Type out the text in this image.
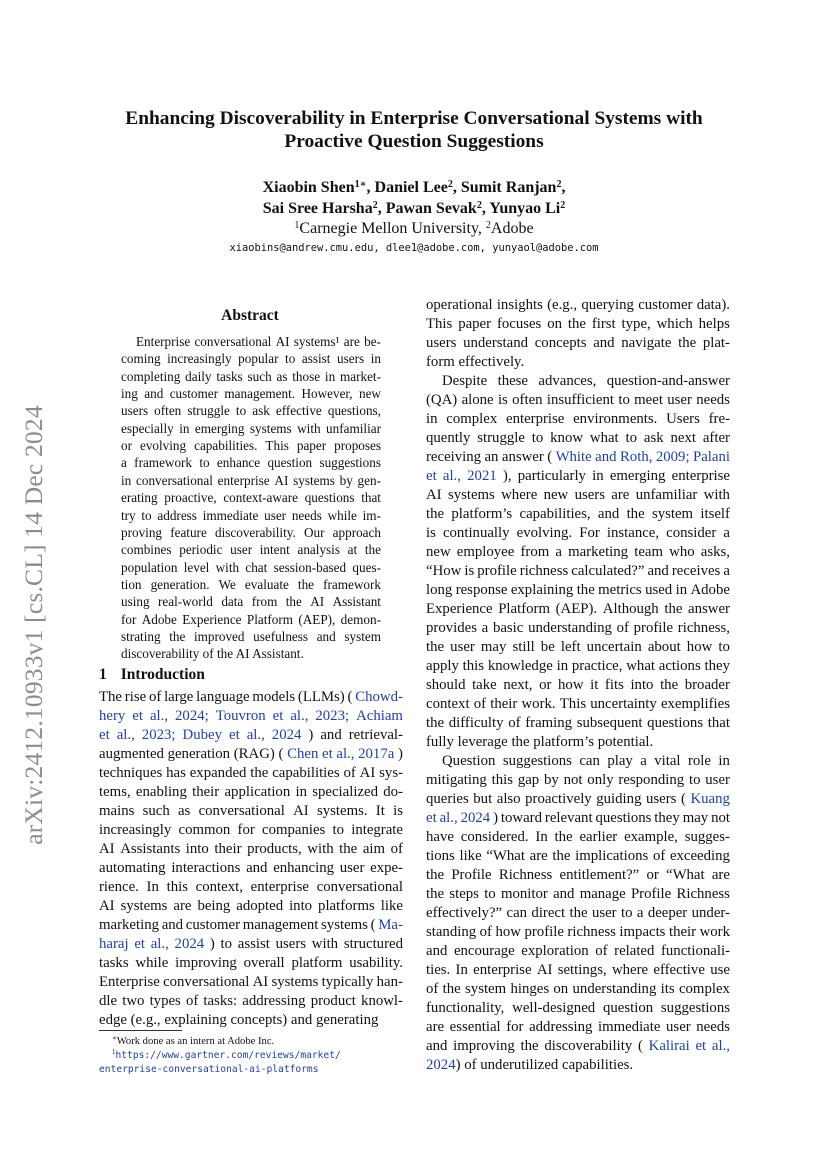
arXiv:2412.10933v1 [cs.CL] 14 Dec 2024
Enhancing Discoverability in Enterprise Conversational Systems with
Proactive Question Suggestions
Xiaobin Shen$^{1∗}$, Daniel Lee$^2$, Sumit Ranjan$^2$,
Sai Sree Harsha$^2$, Pawan Sevak$^2$, Yunyao Li$^2$
$^1$Carnegie Mellon University, $^2$Adobe
xiaobins@andrew.cmu.edu, dlee1@adobe.com, yunyaol@adobe.com
Abstract
Enterprise conversational AI systems¹ are be-
coming increasingly popular to assist users in
completing daily tasks such as those in market-
ing and customer management. However, new
users often struggle to ask effective questions,
especially in emerging systems with unfamiliar
or evolving capabilities. This paper proposes
a framework to enhance question suggestions
in conversational enterprise AI systems by gen-
erating proactive, context-aware questions that
try to address immediate user needs while im-
proving feature discoverability. Our approach
combines periodic user intent analysis at the
population level with chat session-based ques-
tion generation. We evaluate the framework
using real-world data from the AI Assistant
for Adobe Experience Platform (AEP), demon-
strating the improved usefulness and system
discoverability of the AI Assistant.
1 Introduction
The rise of large language models (LLMs) ( Chowd-
hery et al., 2024; Touvron et al., 2023; Achiam
et al., 2023; Dubey et al., 2024 ) and retrieval-
augmented generation (RAG) ( Chen et al., 2017a )
techniques has expanded the capabilities of AI sys-
tems, enabling their application in specialized do-
mains such as conversational AI systems. It is
increasingly common for companies to integrate
AI Assistants into their products, with the aim of
automating interactions and enhancing user expe-
rience. In this context, enterprise conversational
AI systems are being adopted into platforms like
marketing and customer management systems ( Ma-
haraj et al., 2024 ) to assist users with structured
tasks while improving overall platform usability.
Enterprise conversational AI systems typically han-
dle two types of tasks: addressing product knowl-
edge (e.g., explaining concepts) and generating
operational insights (e.g., querying customer data).
This paper focuses on the first type, which helps
users understand concepts and navigate the plat-
form effectively.
Despite these advances, question-and-answer
(QA) alone is often insufficient to meet user needs
in complex enterprise environments. Users fre-
quently struggle to know what to ask next after
receiving an answer ( White and Roth, 2009; Palani
et al., 2021 ), particularly in emerging enterprise
AI systems where new users are unfamiliar with
the platform’s capabilities, and the system itself
is continually evolving. For instance, consider a
new employee from a marketing team who asks,
“How is profile richness calculated?” and receives a
long response explaining the metrics used in Adobe
Experience Platform (AEP). Although the answer
provides a basic understanding of profile richness,
the user may still be left uncertain about how to
apply this knowledge in practice, what actions they
should take next, or how it fits into the broader
context of their work. This uncertainty exemplifies
the difficulty of framing subsequent questions that
fully leverage the platform’s potential.
Question suggestions can play a vital role in
mitigating this gap by not only responding to user
queries but also proactively guiding users ( Kuang
et al., 2024 ) toward relevant questions they may not
have considered. In the earlier example, sugges-
tions like “What are the implications of exceeding
the Profile Richness entitlement?” or “What are
the steps to monitor and manage Profile Richness
effectively?” can direct the user to a deeper under-
standing of how profile richness impacts their work
and encourage exploration of related functionali-
ties. In enterprise AI settings, where effective use
of the system hinges on understanding its complex
functionality, well-designed question suggestions
are essential for addressing immediate user needs
and improving the discoverability ( Kalirai et al.,
2024) of underutilized capabilities.
∗Work done as an intern at Adobe Inc.
$^1$https://www.gartner.com/reviews/market/
enterprise-conversational-ai-platforms
